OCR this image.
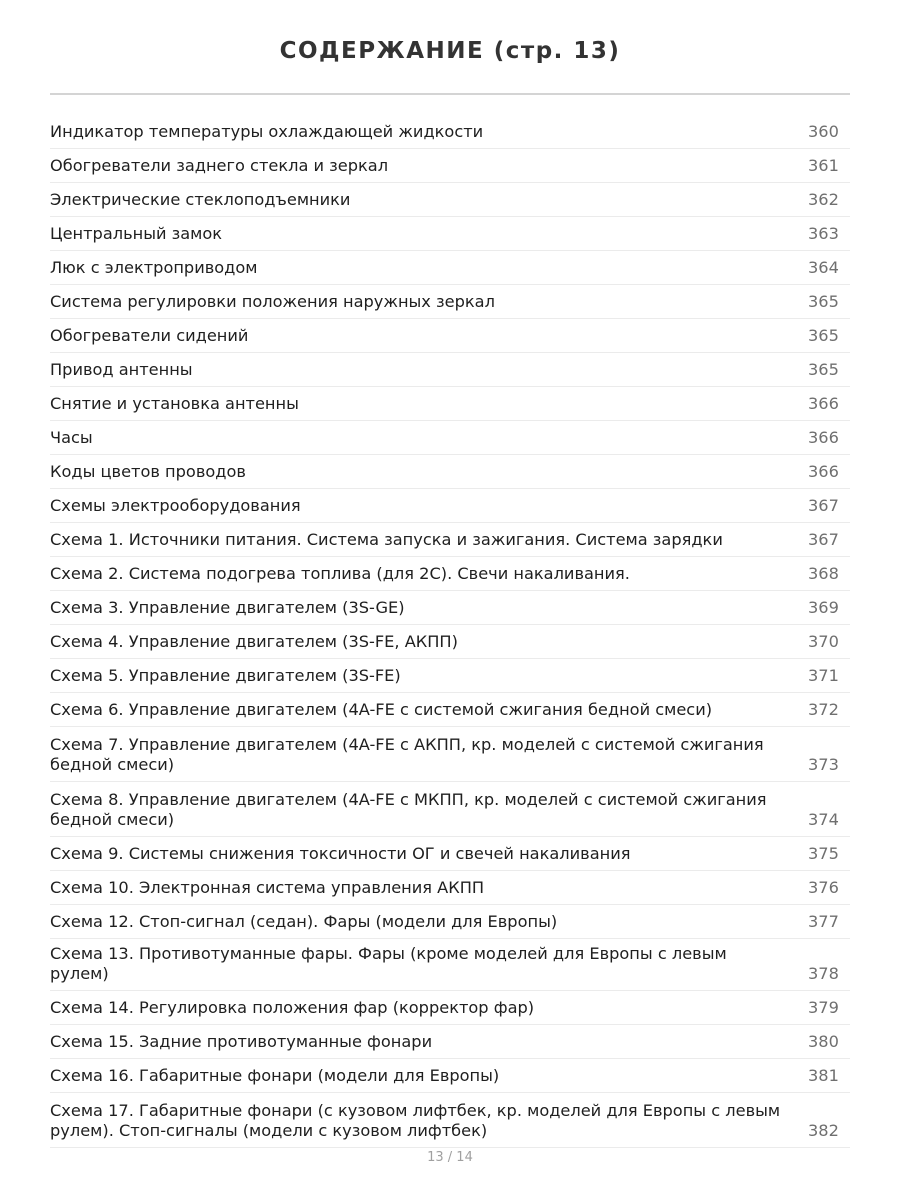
СОДЕРЖАНИЕ (стр. 13)
Индикатор температуры охлаждающей жидкости	360
Обогреватели заднего стекла и зеркал	361
Электрические стеклоподъемники	362
Центральный замок	363
Люк с электроприводом	364
Система регулировки положения наружных зеркал	365
Обогреватели сидений	365
Привод антенны	365
Снятие и установка антенны	366
Часы	366
Коды цветов проводов	366
Схемы электрооборудования	367
Схема 1. Источники питания. Система запуска и зажигания. Система зарядки	367
Схема 2. Система подогрева топлива (для 2С). Свечи накаливания.	368
Схема 3. Управление двигателем (3S-GE)	369
Схема 4. Управление двигателем (3S-FE, АКПП)	370
Схема 5. Управление двигателем (3S-FE)	371
Схема 6. Управление двигателем (4A-FE с системой сжигания бедной смеси)	372
Схема 7. Управление двигателем (4A-FE с АКПП, кр. моделей с системой сжигания бедной смеси)	373
Схема 8. Управление двигателем (4A-FE с МКПП, кр. моделей с системой сжигания бедной смеси)	374
Схема 9. Системы снижения токсичности ОГ и свечей накаливания	375
Схема 10. Электронная система управления АКПП	376
Схема 12. Стоп-сигнал (седан). Фары (модели для Европы)	377
Схема 13. Противотуманные фары. Фары (кроме моделей для Европы с левым рулем)	378
Схема 14. Регулировка положения фар (корректор фар)	379
Схема 15. Задние противотуманные фонари	380
Схема 16. Габаритные фонари (модели для Европы)	381
Схема 17. Габаритные фонари (с кузовом лифтбек, кр. моделей для Европы с левым рулем). Стоп-сигналы (модели с кузовом лифтбек)	382
13 / 14
